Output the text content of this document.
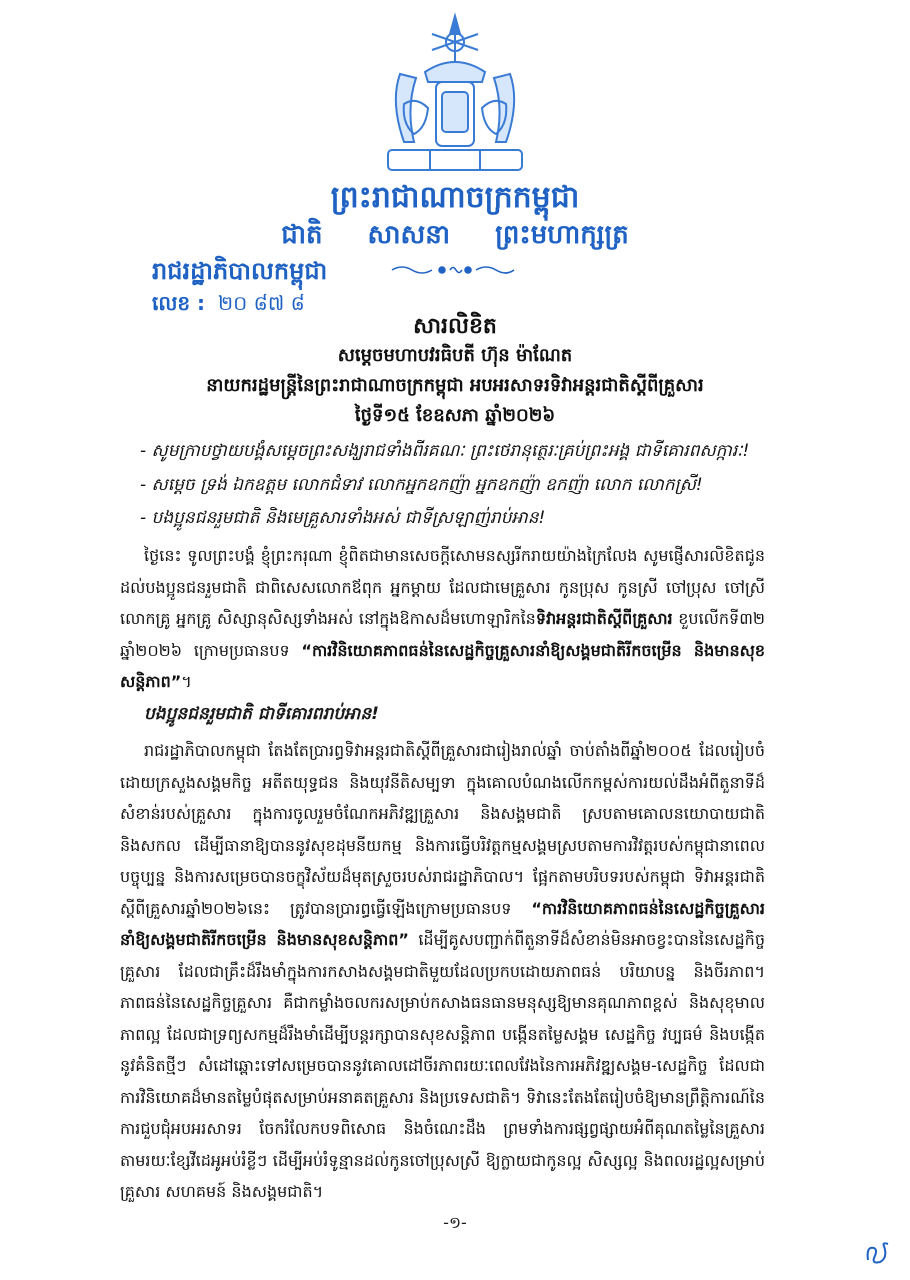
ព្រះរាជាណាចក្រកម្ពុជា
ជាតិ សាសនា ព្រះមហាក្សត្រ
រាជរដ្ឋាភិបាលកម្ពុជា
លេខ : ២០ ៨៧ ៨
សារលិខិត
សម្តេចមហាបវរធិបតី ហ៊ុន ម៉ាណែត
នាយករដ្ឋមន្ត្រីនៃព្រះរាជាណាចក្រកម្ពុជា អបអរសាទរទិវាអន្តរជាតិស្តីពីគ្រួសារ
ថ្ងៃទី១៥ ខែឧសភា ឆ្នាំ២០២៦
- សូមក្រាបថ្វាយបង្គំសម្តេចព្រះសង្ឃរាជទាំងពីរគណៈ ព្រះថេរានុត្ថេរៈគ្រប់ព្រះអង្គ ជាទីគោរពសក្ការៈ!
- សម្តេច ទ្រង់ ឯកឧត្តម លោកជំទាវ លោកអ្នកឧកញ៉ា អ្នកឧកញ៉ា ឧកញ៉ា លោក លោកស្រី!
- បងប្អូនជនរួមជាតិ និងមេគ្រួសារទាំងអស់ ជាទីស្រឡាញ់រាប់អាន!
ថ្ងៃនេះ ទូលព្រះបង្គំ ខ្ញុំព្រះករុណា ខ្ញុំពិតជាមានសេចក្តីសោមនស្សរីករាយយ៉ាងក្រៃលែង សូមផ្ញើសារលិខិតជូនដល់បងប្អូនជនរួមជាតិ ជាពិសេសលោកឪពុក អ្នកម្តាយ ដែលជាមេគ្រួសារ កូនប្រុស កូនស្រី ចៅប្រុស ចៅស្រី លោកគ្រូ អ្នកគ្រូ សិស្សានុសិស្សទាំងអស់ នៅក្នុងឱកាសដ៏មហោឡារិកនៃទិវាអន្តរជាតិស្តីពីគ្រួសារ ខួបលើកទី៣២ ឆ្នាំ២០២៦ ក្រោមប្រធានបទ “ការវិនិយោគភាពធន់នៃសេដ្ឋកិច្ចគ្រួសារនាំឱ្យសង្គមជាតិរីកចម្រើន និងមានសុខសន្តិភាព”។
បងប្អូនជនរួមជាតិ ជាទីគោរពរាប់អាន!
រាជរដ្ឋាភិបាលកម្ពុជា តែងតែប្រារព្ធទិវាអន្តរជាតិស្តីពីគ្រួសារជារៀងរាល់ឆ្នាំ ចាប់តាំងពីឆ្នាំ២០០៥ ដែលរៀបចំដោយក្រសួងសង្គមកិច្ច អតីតយុទ្ធជន និងយុវនីតិសម្បទា ក្នុងគោលបំណងលើកកម្ពស់ការយល់ដឹងអំពីតួនាទីដ៏សំខាន់របស់គ្រួសារ ក្នុងការចូលរួមចំណែកអភិវឌ្ឍគ្រួសារ និងសង្គមជាតិ ស្របតាមគោលនយោបាយជាតិ និងសកល ដើម្បីធានាឱ្យបាននូវសុខដុមនីយកម្ម និងការធ្វើបរិវត្តកម្មសង្គមស្របតាមការវិវត្តរបស់កម្ពុជានាពេលបច្ចុប្បន្ន និងការសម្រេចបានចក្ខុវិស័យដ៏មុតស្រួចរបស់រាជរដ្ឋាភិបាល។ ផ្អែកតាមបរិបទរបស់កម្ពុជា ទិវាអន្តរជាតិស្តីពីគ្រួសារឆ្នាំ២០២៦នេះ ត្រូវបានប្រារព្ធធ្វើឡើងក្រោមប្រធានបទ “ការវិនិយោគភាពធន់នៃសេដ្ឋកិច្ចគ្រួសារនាំឱ្យសង្គមជាតិរីកចម្រើន និងមានសុខសន្តិភាព” ដើម្បីគូសបញ្ជាក់ពីតួនាទីដ៏សំខាន់មិនអាចខ្វះបាននៃសេដ្ឋកិច្ចគ្រួសារ ដែលជាគ្រឹះដ៏រឹងមាំក្នុងការកសាងសង្គមជាតិមួយដែលប្រកបដោយភាពធន់ បរិយាបន្ន និងចីរភាព។ ភាពធន់នៃសេដ្ឋកិច្ចគ្រួសារ គឺជាកម្លាំងចលករសម្រាប់កសាងធនធានមនុស្សឱ្យមានគុណភាពខ្ពស់ និងសុខុមាលភាពល្អ ដែលជាទ្រព្យសកម្មដ៏រឹងមាំដើម្បីបន្តរក្សាបានសុខសន្តិភាព បង្កើនតម្លៃសង្គម សេដ្ឋកិច្ច វប្បធម៌ និងបង្កើតនូវគំនិតថ្មីៗ សំដៅឆ្ពោះទៅសម្រេចបាននូវគោលដៅចីរភាពរយៈពេលវែងនៃការអភិវឌ្ឍសង្គម-សេដ្ឋកិច្ច ដែលជាការវិនិយោគដ៏មានតម្លៃបំផុតសម្រាប់អនាគតគ្រួសារ និងប្រទេសជាតិ។ ទិវានេះតែងតែរៀបចំឱ្យមានព្រឹត្តិការណ៍នៃការជួបជុំអបអរសាទរ ចែករំលែកបទពិសោធ និងចំណេះដឹង ព្រមទាំងការផ្សព្វផ្សាយអំពីគុណតម្លៃនៃគ្រួសារ តាមរយៈខ្សែវីដេអូអប់រំខ្លីៗ ដើម្បីអប់រំទូន្មានដល់កូនចៅប្រុសស្រី ឱ្យក្លាយជាកូនល្អ សិស្សល្អ និងពលរដ្ឋល្អសម្រាប់គ្រួសារ សហគមន៍ និងសង្គមជាតិ។
-១-
